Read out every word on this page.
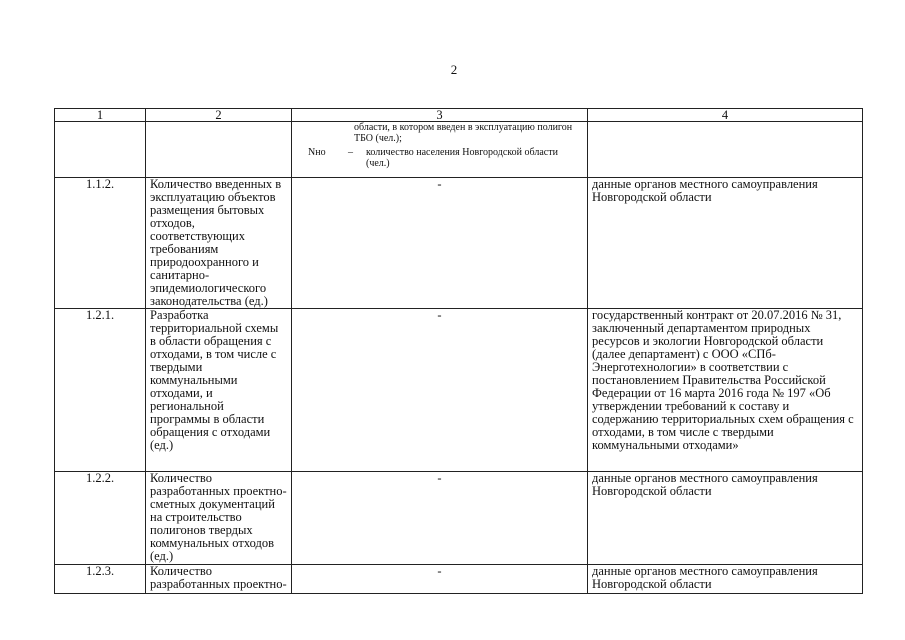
2
1	2	3	4

		области, в котором введен в эксплуатацию полигон ТБО (чел.);
Nно – количество населения Новгородской области (чел.)	

1.1.2.	Количество введенных в эксплуатацию объектов размещения бытовых отходов, соответствующих требованиям природоохранного и санитарно-эпидемиологического законодательства (ед.)	-	данные органов местного самоуправления Новгородской области
1.2.1.	Разработка территориальной схемы в области обращения с отходами, в том числе с твердыми коммунальными отходами, и региональной программы в области обращения с отходами (ед.)	-	государственный контракт от 20.07.2016 № 31, заключенный департаментом природных ресурсов и экологии Новгородской области (далее департамент) с ООО «СПб-Энерготехнологии» в соответствии с постановлением Правительства Российской Федерации от 16 марта 2016 года № 197 «Об утверждении требований к составу и содержанию территориальных схем обращения с отходами, в том числе с твердыми коммунальными отходами»
1.2.2.	Количество разработанных проектно-сметных документаций на строительство полигонов твердых коммунальных отходов (ед.)	-	данные органов местного самоуправления Новгородской области
1.2.3.	Количество разработанных проектно-	-	данные органов местного самоуправления Новгородской области
